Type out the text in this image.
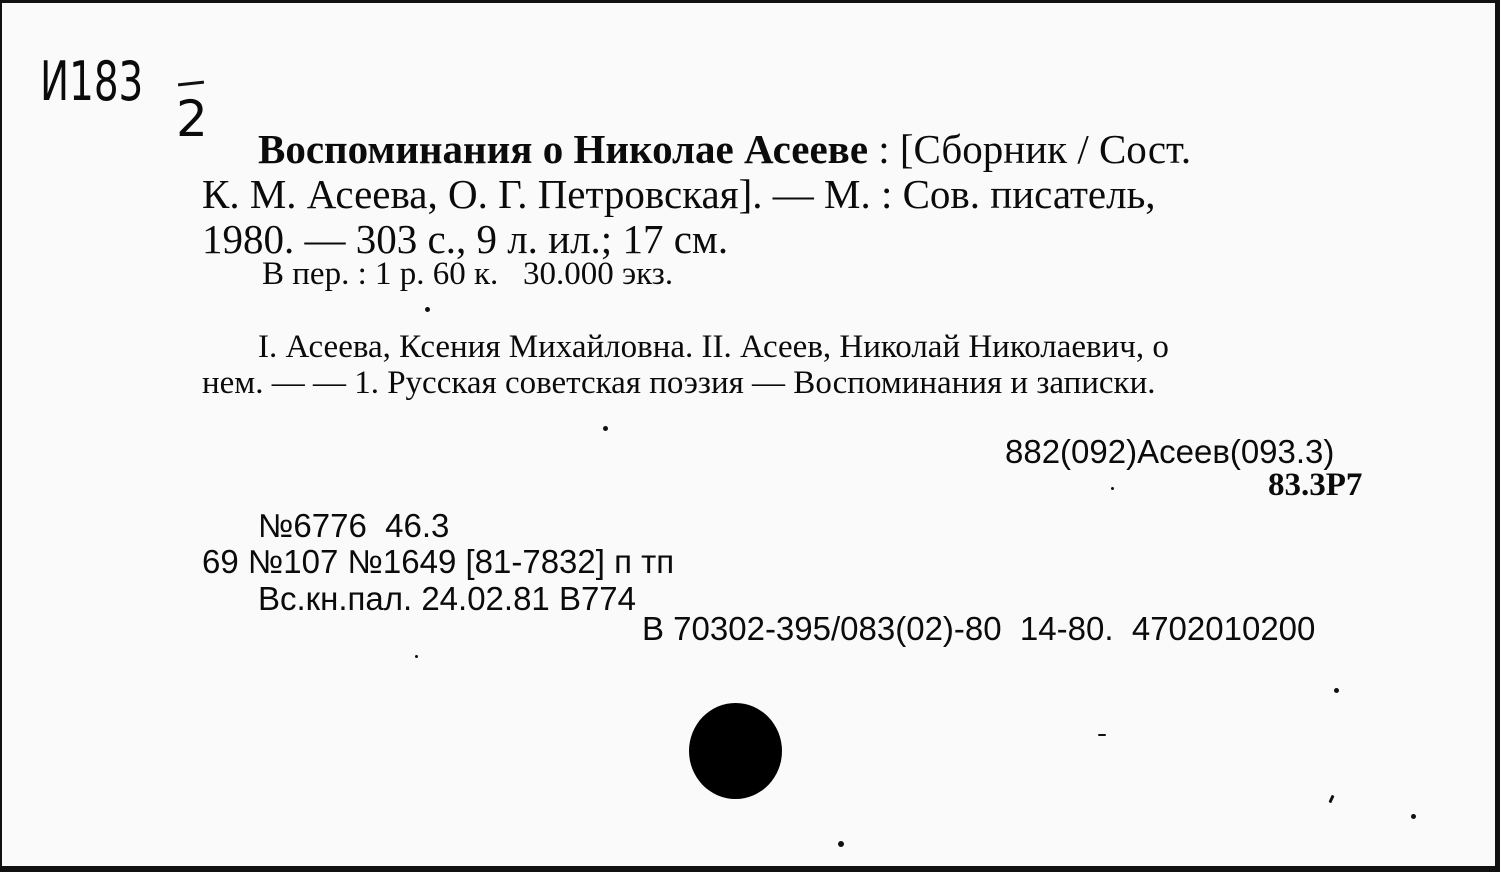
И183
2
Воспоминания о Николае Асееве : [Сборник / Сост.
К. М. Асеева, О. Г. Петровская]. — М. : Сов. писатель,
1980. — 303 с., 9 л. ил.; 17 см.
В пер. : 1 р. 60 к.   30.000 экз.
I. Асеева, Ксения Михайловна. II. Асеев, Николай Николаевич, о
нем. — — 1. Русская советская поэзия — Воспоминания и записки.
882(092)Асеев(093.3)
83.3Р7
№6776  46.3
69 №107 №1649 [81-7832] п тп
Вс.кн.пал. 24.02.81 В774
В 70302-395/083(02)-80  14-80.  4702010200
